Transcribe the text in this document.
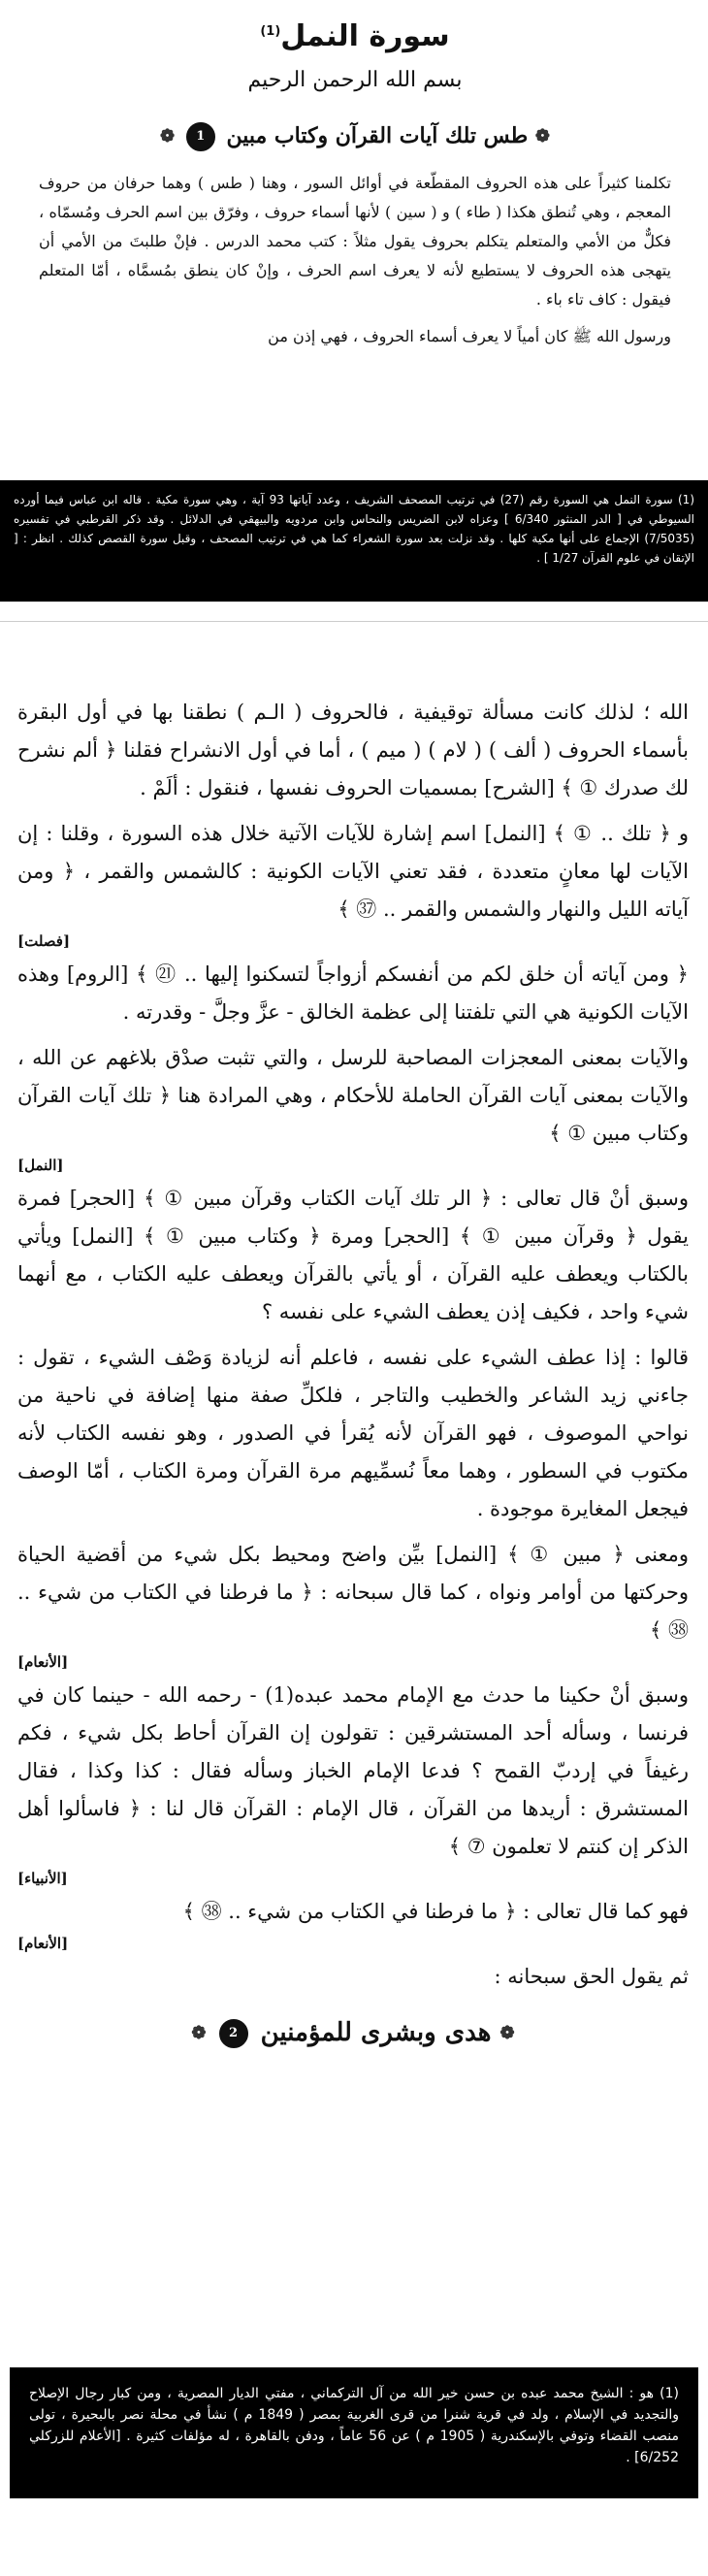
سورة النمل$^{(1)}$
بسم الله الرحمن الرحيم
❁ طس تلك آيات القرآن وكتاب مبين 1 ❁

تكلمنا كثيراً على هذه الحروف المقطّعة في أوائل السور ، وهنا ( طس ) وهما حرفان من حروف المعجم ، وهي تُنطق هكذا ( طاء ) و ( سين ) لأنها أسماء حروف ، وفرّق بين اسم الحرف ومُسمّاه ، فكلٌّ من الأمي والمتعلم يتكلم بحروف يقول مثلاً : كتب محمد الدرس . فإنْ طلبتَ من الأمي أن يتهجى هذه الحروف لا يستطيع لأنه لا يعرف اسم الحرف ، وإنْ كان ينطق بمُسمَّاه ، أمّا المتعلم فيقول : كاف تاء باء .

ورسول الله ﷺ كان أمياً لا يعرف أسماء الحروف ، فهي إذن من

(1) سورة النمل هي السورة رقم (27) في ترتيب المصحف الشريف ، وعدد آياتها 93 آية ، وهي سورة مكية . قاله ابن عباس فيما أورده السيوطي في [ الدر المنثور 6/340 ] وعزاه لابن الضريس والنحاس وابن مردويه والبيهقي في الدلائل . وقد ذكر القرطبي في تفسيره (7/5035) الإجماع على أنها مكية كلها . وقد نزلت بعد سورة الشعراء كما هي في ترتيب المصحف ، وقبل سورة القصص كذلك . انظر : [ الإتقان في علوم القرآن 1/27 ] .

الله ؛ لذلك كانت مسألة توقيفية ، فالحروف ( الـم ) نطقنا بها في أول البقرة بأسماء الحروف ( ألف ) ( لام ) ( ميم ) ، أما في أول الانشراح فقلنا ﴿ ألم نشرح لك صدرك ① ﴾ [الشرح] بمسميات الحروف نفسها ، فنقول : ألَمْ .

و ﴿ تلك .. ① ﴾ [النمل] اسم إشارة للآيات الآتية خلال هذه السورة ، وقلنا : إن الآيات لها معانٍ متعددة ، فقد تعني الآيات الكونية : كالشمس والقمر ، ﴿ ومن آياته الليل والنهار والشمس والقمر .. ㊲ ﴾

[فصلت]

﴿ ومن آياته أن خلق لكم من أنفسكم أزواجاً لتسكنوا إليها .. ㉑ ﴾ [الروم] وهذه الآيات الكونية هي التي تلفتنا إلى عظمة الخالق - عزَّ وجلَّ - وقدرته .

والآيات بمعنى المعجزات المصاحبة للرسل ، والتي تثبت صدْق بلاغهم عن الله ، والآيات بمعنى آيات القرآن الحاملة للأحكام ، وهي المرادة هنا ﴿ تلك آيات القرآن وكتاب مبين ① ﴾

[النمل]

وسبق أنْ قال تعالى : ﴿ الر تلك آيات الكتاب وقرآن مبين ① ﴾ [الحجر] فمرة يقول ﴿ وقرآن مبين ① ﴾ [الحجر] ومرة ﴿ وكتاب مبين ① ﴾ [النمل] ويأتي بالكتاب ويعطف عليه القرآن ، أو يأتي بالقرآن ويعطف عليه الكتاب ، مع أنهما شيء واحد ، فكيف إذن يعطف الشيء على نفسه ؟

قالوا : إذا عطف الشيء على نفسه ، فاعلم أنه لزيادة وَصْف الشيء ، تقول : جاءني زيد الشاعر والخطيب والتاجر ، فلكلِّ صفة منها إضافة في ناحية من نواحي الموصوف ، فهو القرآن لأنه يُقرأ في الصدور ، وهو نفسه الكتاب لأنه مكتوب في السطور ، وهما معاً نُسمِّيهم مرة القرآن ومرة الكتاب ، أمّا الوصف فيجعل المغايرة موجودة .

ومعنى ﴿ مبين ① ﴾ [النمل] بيِّن واضح ومحيط بكل شيء من أقضية الحياة وحركتها من أوامر ونواه ، كما قال سبحانه : ﴿ ما فرطنا في الكتاب من شيء .. ㊳ ﴾

[الأنعام]

وسبق أنْ حكينا ما حدث مع الإمام محمد عبده(1) - رحمه الله - حينما كان في فرنسا ، وسأله أحد المستشرقين : تقولون إن القرآن أحاط بكل شيء ، فكم رغيفاً في إردبّ القمح ؟ فدعا الإمام الخباز وسأله فقال : كذا وكذا ، فقال المستشرق : أريدها من القرآن ، قال الإمام : القرآن قال لنا : ﴿ فاسألوا أهل الذكر إن كنتم لا تعلمون ⑦ ﴾

[الأنبياء]

فهو كما قال تعالى : ﴿ ما فرطنا في الكتاب من شيء .. ㊳ ﴾

[الأنعام]

ثم يقول الحق سبحانه :

❁ هدى وبشرى للمؤمنين 2 ❁
(1) هو : الشيخ محمد عبده بن حسن خير الله من آل التركماني ، مفتي الديار المصرية ، ومن كبار رجال الإصلاح والتجديد في الإسلام ، ولد في قرية شنرا من قرى الغربية بمصر ( 1849 م ) نشأ في محلة نصر بالبحيرة ، تولى منصب القضاء وتوفي بالإسكندرية ( 1905 م ) عن 56 عاماً ، ودفن بالقاهرة ، له مؤلفات كثيرة . [الأعلام للزركلي 6/252] .
